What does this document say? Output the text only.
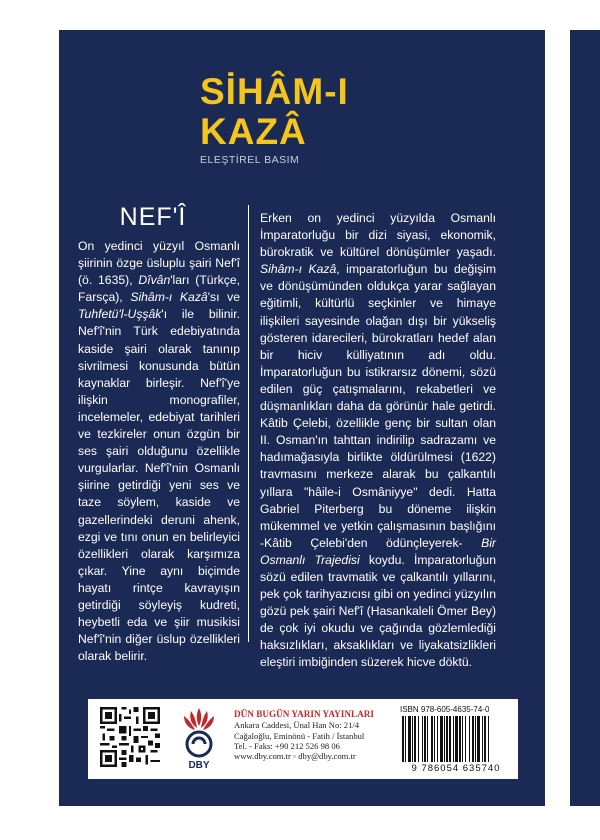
SİHÂM-I
KAZÂ
ELEŞTİREL BASIM
NEF'Î

On yedinci yüzyıl Osmanlı şiirinin özge üsluplu şairi Nef'î (ö. 1635), Dîvân'ları (Türkçe, Farsça), Sihâm-ı Kazâ'sı ve Tuhfetü'l-Uşşâk'ı ile bilinir. Nef'î'nin Türk edebiyatında kaside şairi olarak tanınıp sivrilmesi konusunda bütün kaynaklar birleşir. Nef'î'ye ilişkin monografiler, incelemeler, edebiyat tarihleri ve tezkireler onun özgün bir ses şairi olduğunu özellikle vurgularlar. Nef'î'nin Osmanlı şiirine getirdiği yeni ses ve taze söylem, kaside ve gazellerindeki deruni ahenk, ezgi ve tını onun en belirleyici özellikleri olarak karşımıza çıkar. Yine aynı biçimde hayatı rintçe kavrayışın getirdiği söyleyiş kudreti, heybetli eda ve şiir musikisi Nef'î'nin diğer üslup özellikleri olarak belirir.

Erken on yedinci yüzyılda Osmanlı İmparatorluğu bir dizi siyasi, ekonomik, bürokratik ve kültürel dönüşümler yaşadı. Sihâm-ı Kazâ, imparatorluğun bu değişim ve dönüşümünden oldukça yarar sağlayan eğitimli, kültürlü seçkinler ve himaye ilişkileri sayesinde olağan dışı bir yükseliş gösteren idarecileri, bürokratları hedef alan bir hiciv külliyatının adı oldu. İmparatorluğun bu istikrarsız dönemi, sözü edilen güç çatışmalarını, rekabetleri ve düşmanlıkları daha da görünür hale getirdi. Kâtib Çelebi, özellikle genç bir sultan olan II. Osman'ın tahttan indirilip sadrazamı ve hadımağasıyla birlikte öldürülmesi (1622) travmasını merkeze alarak bu çalkantılı yıllara "hâile-i Osmâniyye" dedi. Hatta Gabriel Piterberg bu döneme ilişkin mükemmel ve yetkin çalışmasının başlığını -Kâtib Çelebi'den ödünçleyerek- Bir Osmanlı Trajedisi koydu. İmparatorluğun sözü edilen travmatik ve çalkantılı yıllarını, pek çok tarihyazıcısı gibi on yedinci yüzyılın gözü pek şairi Nef'î (Hasankaleli Ömer Bey) de çok iyi okudu ve çağında gözlemlediği haksızlıkları, aksaklıkları ve liyakatsizlikleri eleştiri imbiğinden süzerek hicve döktü.

DBY
DÜN BUGÜN YARIN YAYINLARI
Ankara Caddesi, Ünal Han No: 21/4
Cağaloğlu, Eminönü - Fatih / İstanbul
Tel. - Faks: +90 212 526 98 06
www.dby.com.tr ◦ dby@dby.com.tr
ISBN 978-605-4635-74-0
9 786054 635740
